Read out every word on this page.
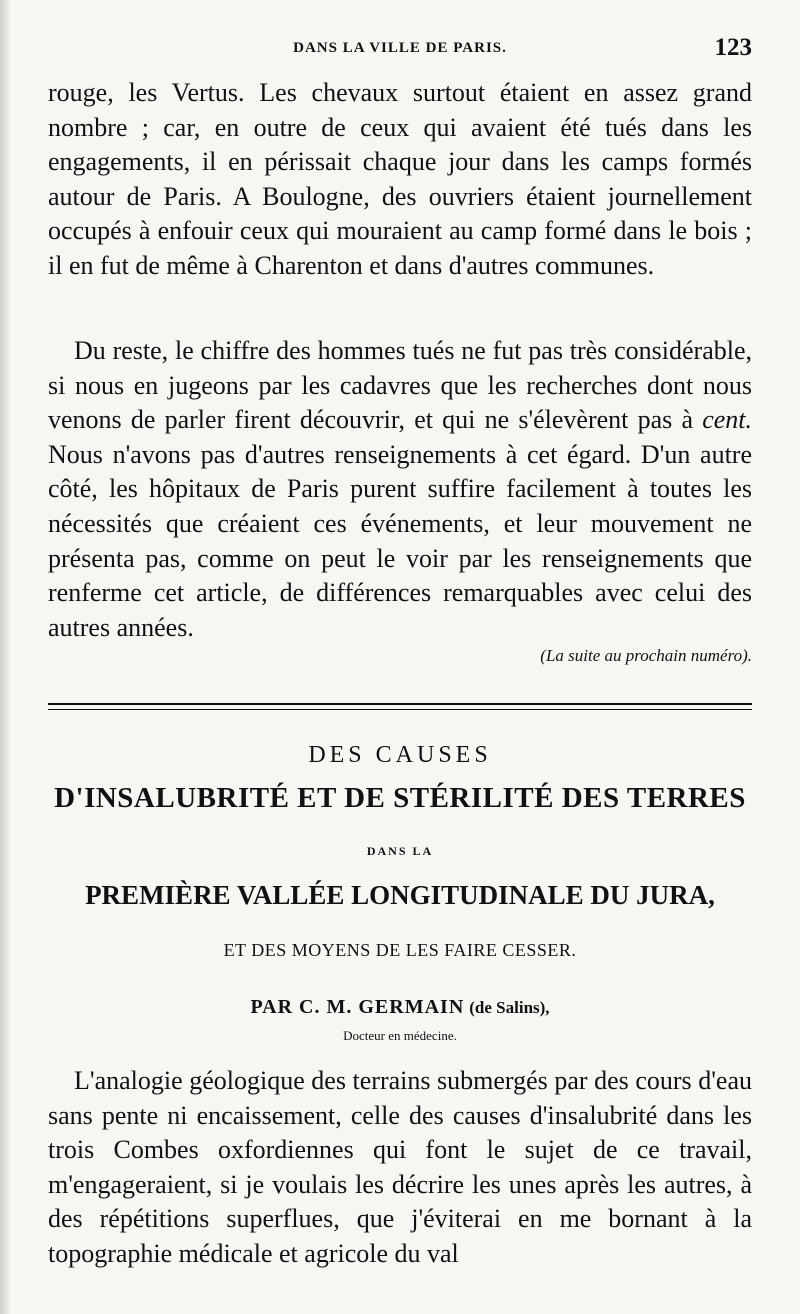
DANS LA VILLE DE PARIS.	123

rouge, les Vertus. Les chevaux surtout étaient en assez grand nombre ; car, en outre de ceux qui avaient été tués dans les engagements, il en périssait chaque jour dans les camps formés autour de Paris. A Boulogne, des ouvriers étaient journellement occupés à enfouir ceux qui mouraient au camp formé dans le bois ; il en fut de même à Charenton et dans d'autres communes.

Du reste, le chiffre des hommes tués ne fut pas très considérable, si nous en jugeons par les cadavres que les recherches dont nous venons de parler firent découvrir, et qui ne s'élevèrent pas à cent. Nous n'avons pas d'autres renseignements à cet égard. D'un autre côté, les hôpitaux de Paris purent suffire facilement à toutes les nécessités que créaient ces événements, et leur mouvement ne présenta pas, comme on peut le voir par les renseignements que renferme cet article, de différences remarquables avec celui des autres années.

(La suite au prochain numéro).
DES CAUSES
D'INSALUBRITÉ ET DE STÉRILITÉ DES TERRES
DANS LA
PREMIÈRE VALLÉE LONGITUDINALE DU JURA,
ET DES MOYENS DE LES FAIRE CESSER.
PAR C. M. GERMAIN (de Salins),
Docteur en médecine.

L'analogie géologique des terrains submergés par des cours d'eau sans pente ni encaissement, celle des causes d'insalubrité dans les trois Combes oxfordiennes qui font le sujet de ce travail, m'engageraient, si je voulais les décrire les unes après les autres, à des répétitions superflues, que j'éviterai en me bornant à la topographie médicale et agricole du val
